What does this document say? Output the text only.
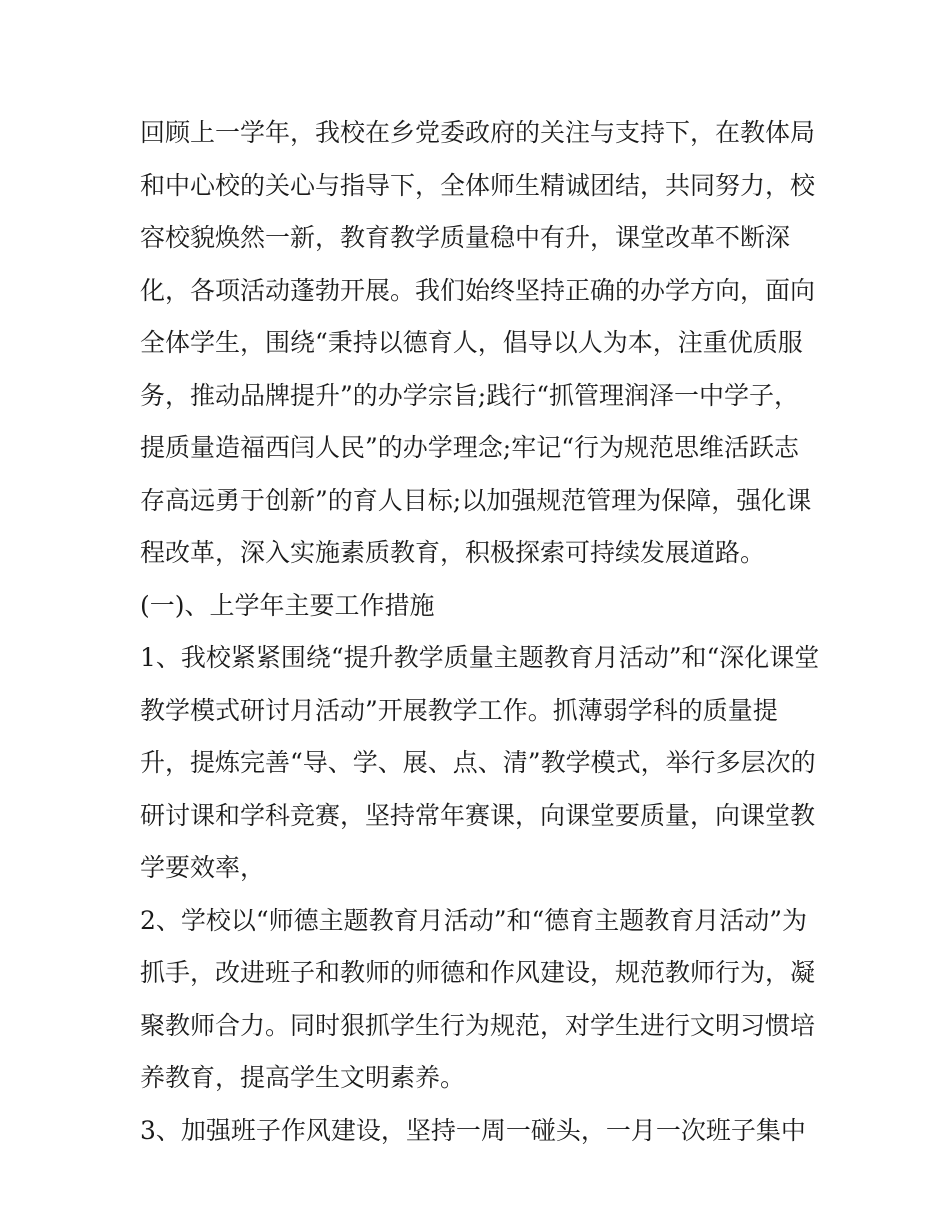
回顾上一学年，我校在乡党委政府的关注与支持下，在教体局
和中心校的关心与指导下，全体师生精诚团结，共同努力，校
容校貌焕然一新，教育教学质量稳中有升，课堂改革不断深
化，各项活动蓬勃开展。我们始终坚持正确的办学方向，面向
全体学生，围绕“秉持以德育人，倡导以人为本，注重优质服
务，推动品牌提升”的办学宗旨;践行“抓管理润泽一中学子，
提质量造福西闫人民”的办学理念;牢记“行为规范思维活跃志
存高远勇于创新”的育人目标;以加强规范管理为保障，强化课
程改革，深入实施素质教育，积极探索可持续发展道路。
(一)、上学年主要工作措施
1、我校紧紧围绕“提升教学质量主题教育月活动”和“深化课堂
教学模式研讨月活动”开展教学工作。抓薄弱学科的质量提
升，提炼完善“导、学、展、点、清”教学模式，举行多层次的
研讨课和学科竞赛，坚持常年赛课，向课堂要质量，向课堂教
学要效率，
2、学校以“师德主题教育月活动”和“德育主题教育月活动”为
抓手，改进班子和教师的师德和作风建设，规范教师行为，凝
聚教师合力。同时狠抓学生行为规范，对学生进行文明习惯培
养教育，提高学生文明素养。
3、加强班子作风建设，坚持一周一碰头，一月一次班子集中
